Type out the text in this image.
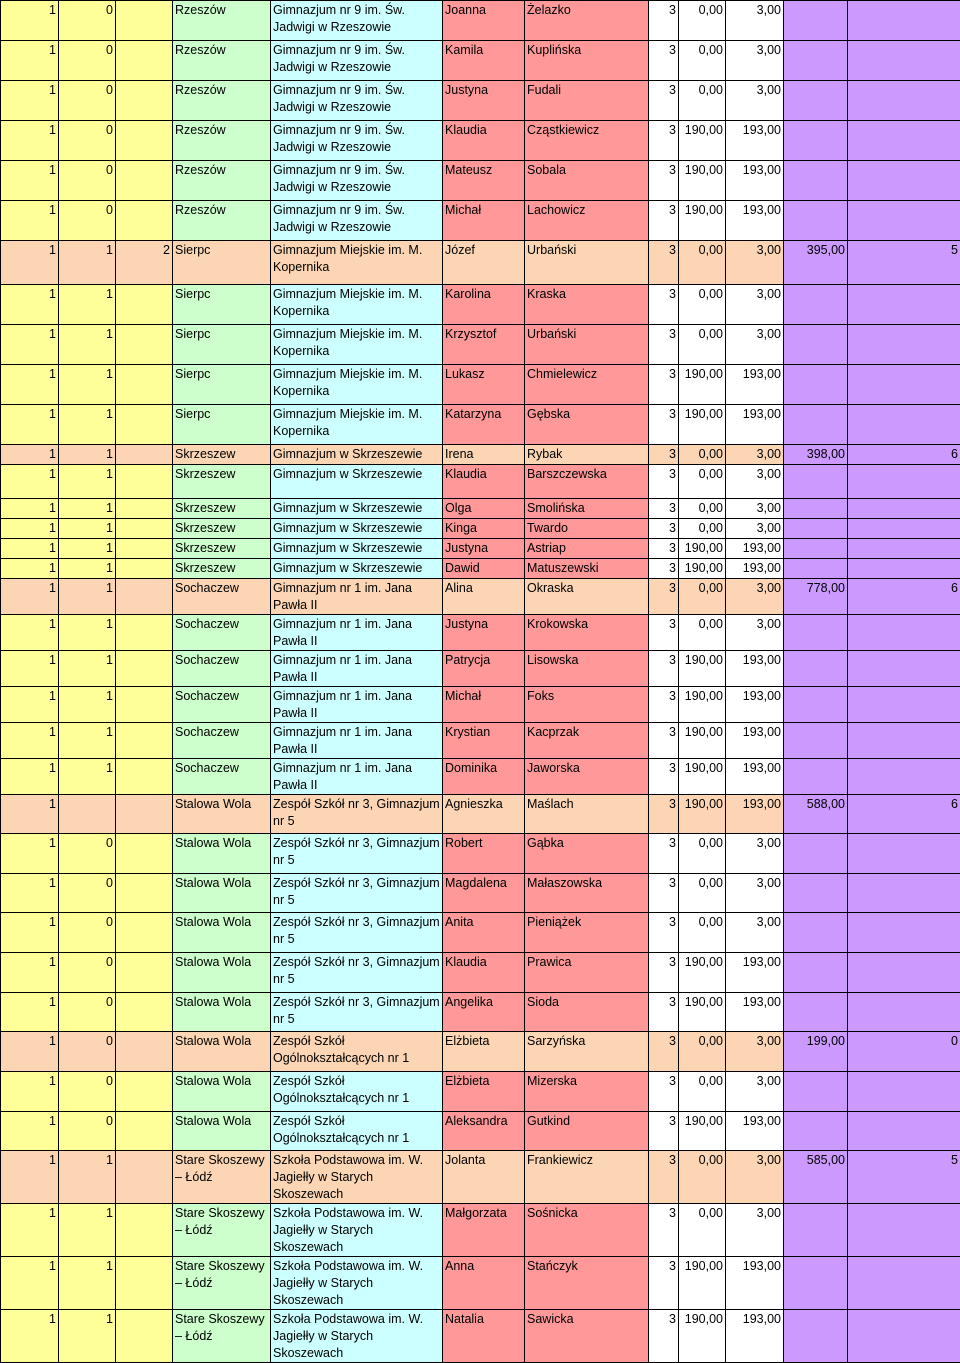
1	0		Rzeszów	Gimnazjum nr 9 im. Św. Jadwigi w Rzeszowie	Joanna	Żelazko	3	0,00	3,00		
1	0		Rzeszów	Gimnazjum nr 9 im. Św. Jadwigi w Rzeszowie	Kamila	Kuplińska	3	0,00	3,00		
1	0		Rzeszów	Gimnazjum nr 9 im. Św. Jadwigi w Rzeszowie	Justyna	Fudali	3	0,00	3,00		
1	0		Rzeszów	Gimnazjum nr 9 im. Św. Jadwigi w Rzeszowie	Klaudia	Cząstkiewicz	3	190,00	193,00		
1	0		Rzeszów	Gimnazjum nr 9 im. Św. Jadwigi w Rzeszowie	Mateusz	Sobala	3	190,00	193,00		
1	0		Rzeszów	Gimnazjum nr 9 im. Św. Jadwigi w Rzeszowie	Michał	Lachowicz	3	190,00	193,00		
1	1	2	Sierpc	Gimnazjum Miejskie im. M. Kopernika	Józef	Urbański	3	0,00	3,00	395,00	5
1	1		Sierpc	Gimnazjum Miejskie im. M. Kopernika	Karolina	Kraska	3	0,00	3,00		
1	1		Sierpc	Gimnazjum Miejskie im. M. Kopernika	Krzysztof	Urbański	3	0,00	3,00		
1	1		Sierpc	Gimnazjum Miejskie im. M. Kopernika	Lukasz	Chmielewicz	3	190,00	193,00		
1	1		Sierpc	Gimnazjum Miejskie im. M. Kopernika	Katarzyna	Gębska	3	190,00	193,00		
1	1		Skrzeszew	Gimnazjum w Skrzeszewie	Irena	Rybak	3	0,00	3,00	398,00	6
1	1		Skrzeszew	Gimnazjum w Skrzeszewie	Klaudia	Barszczewska	3	0,00	3,00		
1	1		Skrzeszew	Gimnazjum w Skrzeszewie	Olga	Smolińska	3	0,00	3,00		
1	1		Skrzeszew	Gimnazjum w Skrzeszewie	Kinga	Twardo	3	0,00	3,00		
1	1		Skrzeszew	Gimnazjum w Skrzeszewie	Justyna	Astriap	3	190,00	193,00		
1	1		Skrzeszew	Gimnazjum w Skrzeszewie	Dawid	Matuszewski	3	190,00	193,00		
1	1		Sochaczew	Gimnazjum nr 1 im. Jana Pawła II	Alina	Okraska	3	0,00	3,00	778,00	6
1	1		Sochaczew	Gimnazjum nr 1 im. Jana Pawła II	Justyna	Krokowska	3	0,00	3,00		
1	1		Sochaczew	Gimnazjum nr 1 im. Jana Pawła II	Patrycja	Lisowska	3	190,00	193,00		
1	1		Sochaczew	Gimnazjum nr 1 im. Jana Pawła II	Michał	Foks	3	190,00	193,00		
1	1		Sochaczew	Gimnazjum nr 1 im. Jana Pawła II	Krystian	Kacprzak	3	190,00	193,00		
1	1		Sochaczew	Gimnazjum nr 1 im. Jana Pawła II	Dominika	Jaworska	3	190,00	193,00		
1			Stalowa Wola	Zespół Szkół nr 3, Gimnazjum nr 5	Agnieszka	Maślach	3	190,00	193,00	588,00	6
1	0		Stalowa Wola	Zespół Szkół nr 3, Gimnazjum nr 5	Robert	Gąbka	3	0,00	3,00		
1	0		Stalowa Wola	Zespół Szkół nr 3, Gimnazjum nr 5	Magdalena	Małaszowska	3	0,00	3,00		
1	0		Stalowa Wola	Zespół Szkół nr 3, Gimnazjum nr 5	Anita	Pieniążek	3	0,00	3,00		
1	0		Stalowa Wola	Zespół Szkół nr 3, Gimnazjum nr 5	Klaudia	Prawica	3	190,00	193,00		
1	0		Stalowa Wola	Zespół Szkół nr 3, Gimnazjum nr 5	Angelika	Sioda	3	190,00	193,00		
1	0		Stalowa Wola	Zespół Szkół Ogólnokształcących nr 1	Elżbieta	Sarzyńska	3	0,00	3,00	199,00	0
1	0		Stalowa Wola	Zespół Szkół Ogólnokształcących nr 1	Elżbieta	Mizerska	3	0,00	3,00		
1	0		Stalowa Wola	Zespół Szkół Ogólnokształcących nr 1	Aleksandra	Gutkind	3	190,00	193,00		
1	1		Stare Skoszewy – Łódź	Szkoła Podstawowa im. W. Jagiełły w Starych Skoszewach	Jolanta	Frankiewicz	3	0,00	3,00	585,00	5
1	1		Stare Skoszewy – Łódź	Szkoła Podstawowa im. W. Jagiełły w Starych Skoszewach	Małgorzata	Sośnicka	3	0,00	3,00		
1	1		Stare Skoszewy – Łódź	Szkoła Podstawowa im. W. Jagiełły w Starych Skoszewach	Anna	Stańczyk	3	190,00	193,00		
1	1		Stare Skoszewy – Łódź	Szkoła Podstawowa im. W. Jagiełły w Starych Skoszewach	Natalia	Sawicka	3	190,00	193,00		
